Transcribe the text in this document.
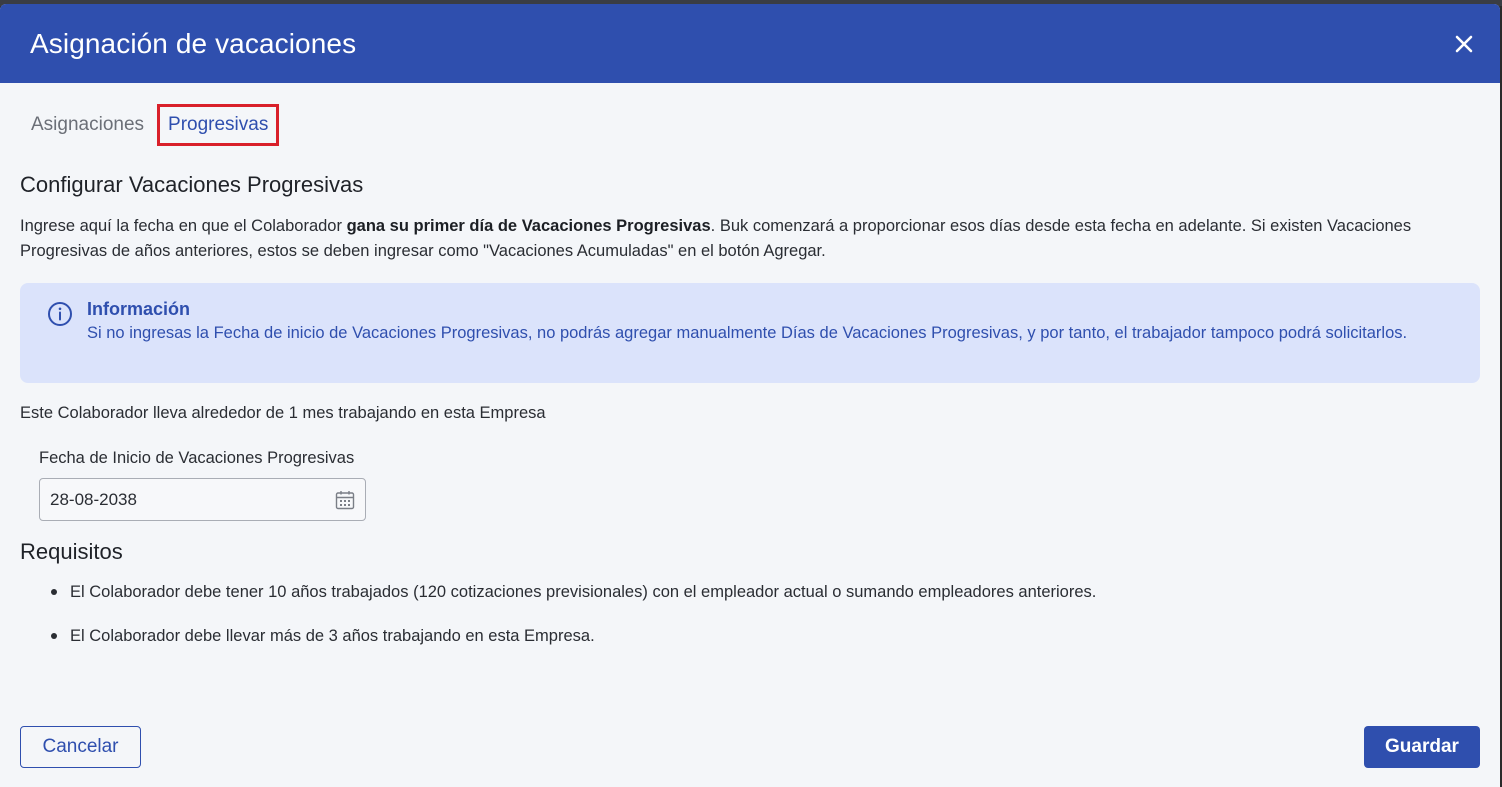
Asignación de vacaciones
Asignaciones	Progresivas
Configurar Vacaciones Progresivas

Ingrese aquí la fecha en que el Colaborador gana su primer día de Vacaciones Progresivas. Buk comenzará a proporcionar esos días desde esta fecha en adelante. Si existen Vacaciones Progresivas de años anteriores, estos se deben ingresar como "Vacaciones Acumuladas" en el botón Agregar.

Información
Si no ingresas la Fecha de inicio de Vacaciones Progresivas, no podrás agregar manualmente Días de Vacaciones Progresivas, y por tanto, el trabajador tampoco podrá solicitarlos.
Este Colaborador lleva alrededor de 1 mes trabajando en esta Empresa
Fecha de Inicio de Vacaciones Progresivas
28-08-2038
Requisitos
El Colaborador debe tener 10 años trabajados (120 cotizaciones previsionales) con el empleador actual o sumando empleadores anteriores.
El Colaborador debe llevar más de 3 años trabajando en esta Empresa.
Cancelar	Guardar
